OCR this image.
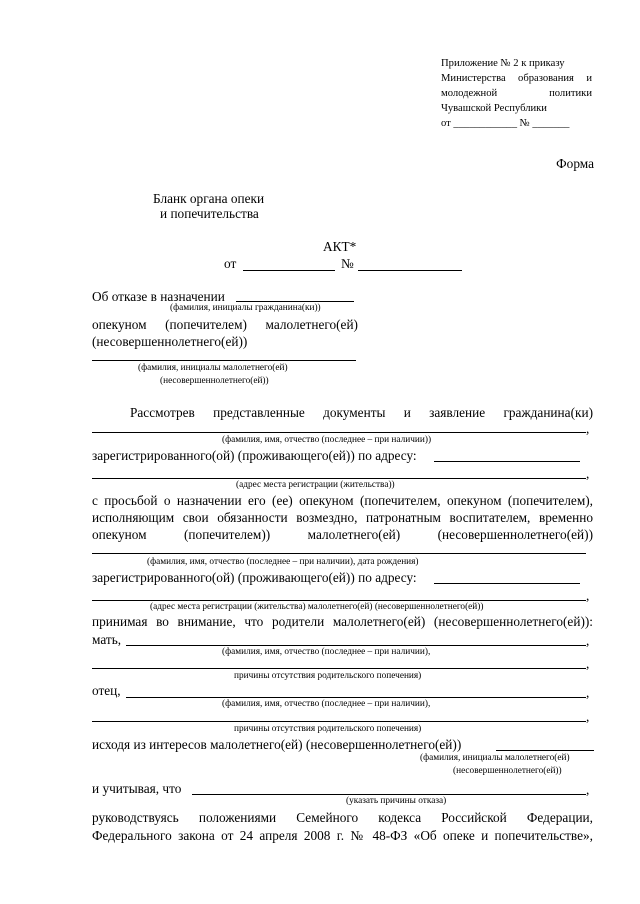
Приложение № 2 к приказу
Министерства образования и
молодежной политики
Чувашской Республики
от ____________ № _______
Форма
Бланк органа опеки
и попечительства
АКТ*
от	№
Об отказе в назначении
(фамилия, инициалы гражданина(ки))
опекуном (попечителем) малолетнего(ей)
(несовершеннолетнего(ей))
(фамилия, инициалы малолетнего(ей)
(несовершеннолетнего(ей))
Рассмотрев представленные документы и заявление гражданина(ки)
,
(фамилия, имя, отчество (последнее – при наличии))
зарегистрированного(ой) (проживающего(ей)) по адресу:
,
(адрес места регистрации (жительства))
с просьбой о назначении его (ее) опекуном (попечителем, опекуном (попечителем),
исполняющим свои обязанности возмездно, патронатным воспитателем, временно
опекуном (попечителем)) малолетнего(ей) (несовершеннолетнего(ей))
(фамилия, имя, отчество (последнее – при наличии), дата рождения)
зарегистрированного(ой) (проживающего(ей)) по адресу:
,
(адрес места регистрации (жительства) малолетнего(ей) (несовершеннолетнего(ей))
принимая во внимание, что родители малолетнего(ей) (несовершеннолетнего(ей)):
мать,	,
(фамилия, имя, отчество (последнее – при наличии),
,
причины отсутствия родительского попечения)
отец,	,
(фамилия, имя, отчество (последнее – при наличии),
,
причины отсутствия родительского попечения)
исходя из интересов малолетнего(ей) (несовершеннолетнего(ей))
(фамилия, инициалы малолетнего(ей)
(несовершеннолетнего(ей))
и учитывая, что	,
(указать причины отказа)
руководствуясь положениями Семейного кодекса Российской Федерации,
Федерального закона от 24 апреля 2008 г. № 48-ФЗ «Об опеке и попечительстве»,
